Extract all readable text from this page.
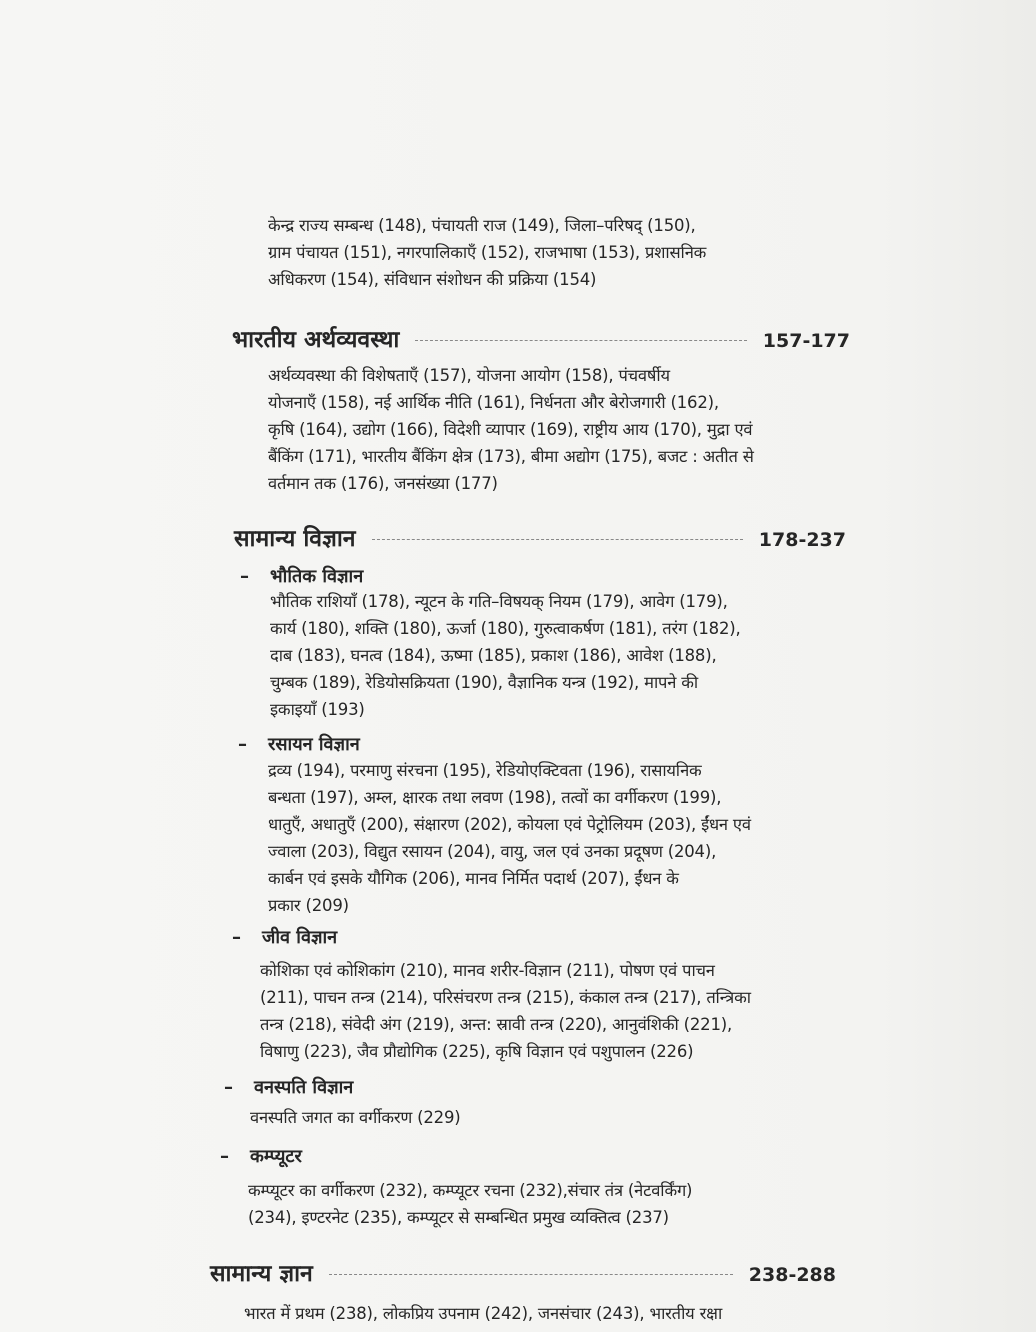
केन्द्र राज्य सम्बन्ध (148), पंचायती राज (149), जिला–परिषद् (150),
ग्राम पंचायत (151), नगरपालिकाएँ (152), राजभाषा (153), प्रशासनिक
अधिकरण (154), संविधान संशोधन की प्रक्रिया (154)
भारतीय अर्थव्यवस्था	157-177
अर्थव्यवस्था की विशेषताएँ (157), योजना आयोग (158), पंचवर्षीय
योजनाएँ (158), नई आर्थिक नीति (161), निर्धनता और बेरोजगारी (162),
कृषि (164), उद्योग (166), विदेशी व्यापार (169), राष्ट्रीय आय (170), मुद्रा एवं
बैंकिंग (171), भारतीय बैंकिंग क्षेत्र (173), बीमा अद्योग (175), बजट : अतीत से
वर्तमान तक (176), जनसंख्या (177)
सामान्य विज्ञान	178-237
– भौतिक विज्ञान
भौतिक राशियाँ (178), न्यूटन के गति–विषयक् नियम (179), आवेग (179),
कार्य (180), शक्ति (180), ऊर्जा (180), गुरुत्वाकर्षण (181), तरंग (182),
दाब (183), घनत्व (184), ऊष्मा (185), प्रकाश (186), आवेश (188),
चुम्बक (189), रेडियोसक्रियता (190), वैज्ञानिक यन्त्र (192), मापने की
इकाइयाँ (193)
– रसायन विज्ञान
द्रव्य (194), परमाणु संरचना (195), रेडियोएक्टिवता (196), रासायनिक
बन्धता (197), अम्ल, क्षारक तथा लवण (198), तत्वों का वर्गीकरण (199),
धातुएँ, अधातुएँ (200), संक्षारण (202), कोयला एवं पेट्रोलियम (203), ईंधन एवं
ज्वाला (203), विद्युत रसायन (204), वायु, जल एवं उनका प्रदूषण (204),
कार्बन एवं इसके यौगिक (206), मानव निर्मित पदार्थ (207), ईंधन के
प्रकार (209)
– जीव विज्ञान
कोशिका एवं कोशिकांग (210), मानव शरीर-विज्ञान (211), पोषण एवं पाचन
(211), पाचन तन्त्र (214), परिसंचरण तन्त्र (215), कंकाल तन्त्र (217), तन्त्रिका
तन्त्र (218), संवेदी अंग (219), अन्त: स्रावी तन्त्र (220), आनुवंशिकी (221),
विषाणु (223), जैव प्रौद्योगिक (225), कृषि विज्ञान एवं पशुपालन (226)
– वनस्पति विज्ञान
वनस्पति जगत का वर्गीकरण (229)
– कम्प्यूटर
कम्प्यूटर का वर्गीकरण (232), कम्प्यूटर रचना (232),संचार तंत्र (नेटवर्किंग)
(234), इण्टरनेट (235), कम्प्यूटर से सम्बन्धित प्रमुख व्यक्तित्व (237)
सामान्य ज्ञान	238-288
भारत में प्रथम (238), लोकप्रिय उपनाम (242), जनसंचार (243), भारतीय रक्षा
